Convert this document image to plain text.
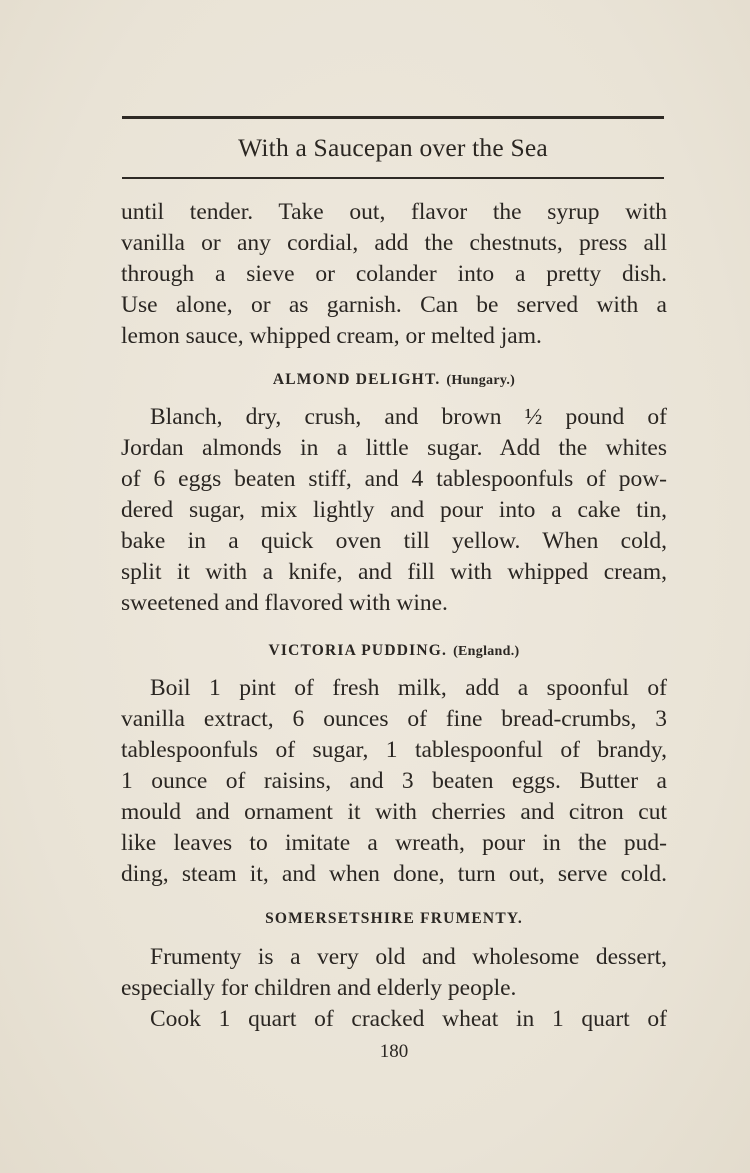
With a Saucepan over the Sea
until tender. Take out, flavor the syrup with
vanilla or any cordial, add the chestnuts, press all
through a sieve or colander into a pretty dish.
Use alone, or as garnish. Can be served with a
lemon sauce, whipped cream, or melted jam.
ALMOND DELIGHT. (Hungary.)
Blanch, dry, crush, and brown ½ pound of
Jordan almonds in a little sugar. Add the whites
of 6 eggs beaten stiff, and 4 tablespoonfuls of pow-
dered sugar, mix lightly and pour into a cake tin,
bake in a quick oven till yellow. When cold,
split it with a knife, and fill with whipped cream,
sweetened and flavored with wine.
VICTORIA PUDDING. (England.)
Boil 1 pint of fresh milk, add a spoonful of
vanilla extract, 6 ounces of fine bread-crumbs, 3
tablespoonfuls of sugar, 1 tablespoonful of brandy,
1 ounce of raisins, and 3 beaten eggs. Butter a
mould and ornament it with cherries and citron cut
like leaves to imitate a wreath, pour in the pud-
ding, steam it, and when done, turn out, serve cold.
SOMERSETSHIRE FRUMENTY.
Frumenty is a very old and wholesome dessert,
especially for children and elderly people.
Cook 1 quart of cracked wheat in 1 quart of
180
